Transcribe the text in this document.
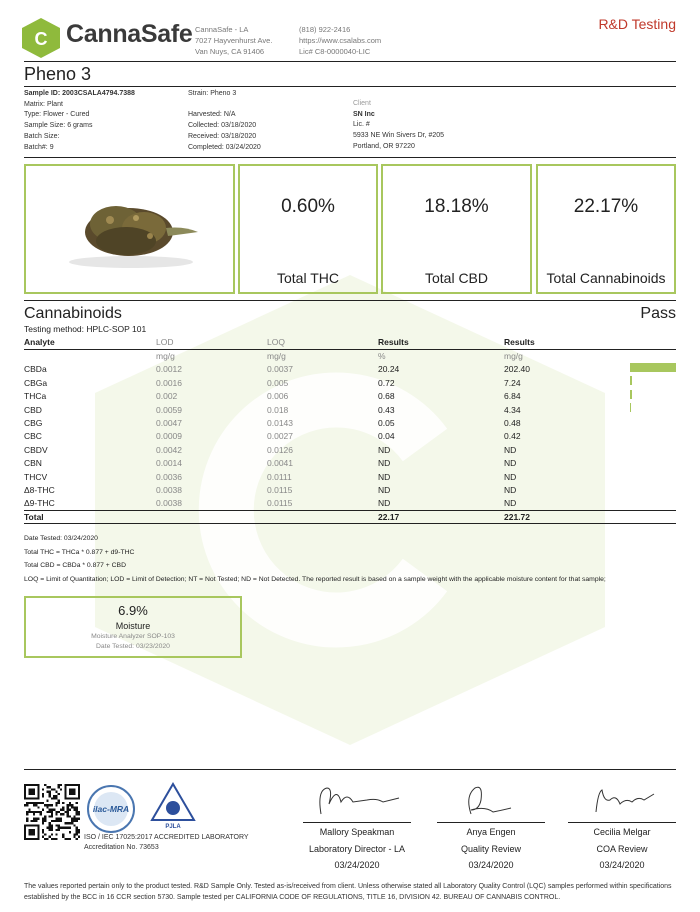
C CannaSafe CannaSafe - LA
7027 Hayvenhurst Ave.
Van Nuys, CA 91406
(818) 922-2416
https://www.csalabs.com
Lic# C8-0000040-LIC
R&D Testing
Pheno 3
Sample ID: 2003CSALA4794.7388
Matrix: Plant
Type: Flower - Cured
Sample Size: 6 grams
Batch Size:
Batch#: 9
Strain: Pheno 3

Harvested: N/A
Collected: 03/18/2020
Received: 03/18/2020
Completed: 03/24/2020
Client
SN Inc
Lic. #
5933 NE Win Sivers Dr, #205
Portland, OR 97220
0.60%
Total THC
18.18%
Total CBD
22.17%
Total Cannabinoids
Cannabinoids	Pass
Testing method: HPLC-SOP 101
Analyte	LOD	LOQ	Results	Results	
	mg/g	mg/g	%	mg/g	
CBDa	0.0012	0.0037	20.24	202.40	
CBGa	0.0016	0.005	0.72	7.24	
THCa	0.002	0.006	0.68	6.84	
CBD	0.0059	0.018	0.43	4.34	
CBG	0.0047	0.0143	0.05	0.48	
CBC	0.0009	0.0027	0.04	0.42	
CBDV	0.0042	0.0126	ND	ND	
CBN	0.0014	0.0041	ND	ND	
THCV	0.0036	0.0111	ND	ND	
Δ8-THC	0.0038	0.0115	ND	ND	
Δ9-THC	0.0038	0.0115	ND	ND	
Total			22.17	221.72	
Date Tested: 03/24/2020
Total THC = THCa * 0.877 + d9-THC
Total CBD = CBDa * 0.877 + CBD
LOQ = Limit of Quantitation; LOD = Limit of Detection; NT = Not Tested; ND = Not Detected. The reported result is based on a sample weight with the applicable moisture content for that sample;
6.9%
Moisture
Moisture Analyzer SOP-103
Date Tested: 03/23/2020
ilac-MRA
PJLA
ISO / IEC 17025:2017 ACCREDITED LABORATORY
Accreditation No. 73653
Mallory Speakman
Laboratory Director - LA
03/24/2020
Anya Engen
Quality Review
03/24/2020
Cecilia Melgar
COA Review
03/24/2020
The values reported pertain only to the product tested. R&D Sample Only. Tested as-is/received from client. Unless otherwise stated all Laboratory Quality Control (LQC) samples performed within specifications established by the BCC in 16 CCR section 5730. Sample tested per CALIFORNIA CODE OF REGULATIONS, TITLE 16, DIVISION 42. BUREAU OF CANNABIS CONTROL.
